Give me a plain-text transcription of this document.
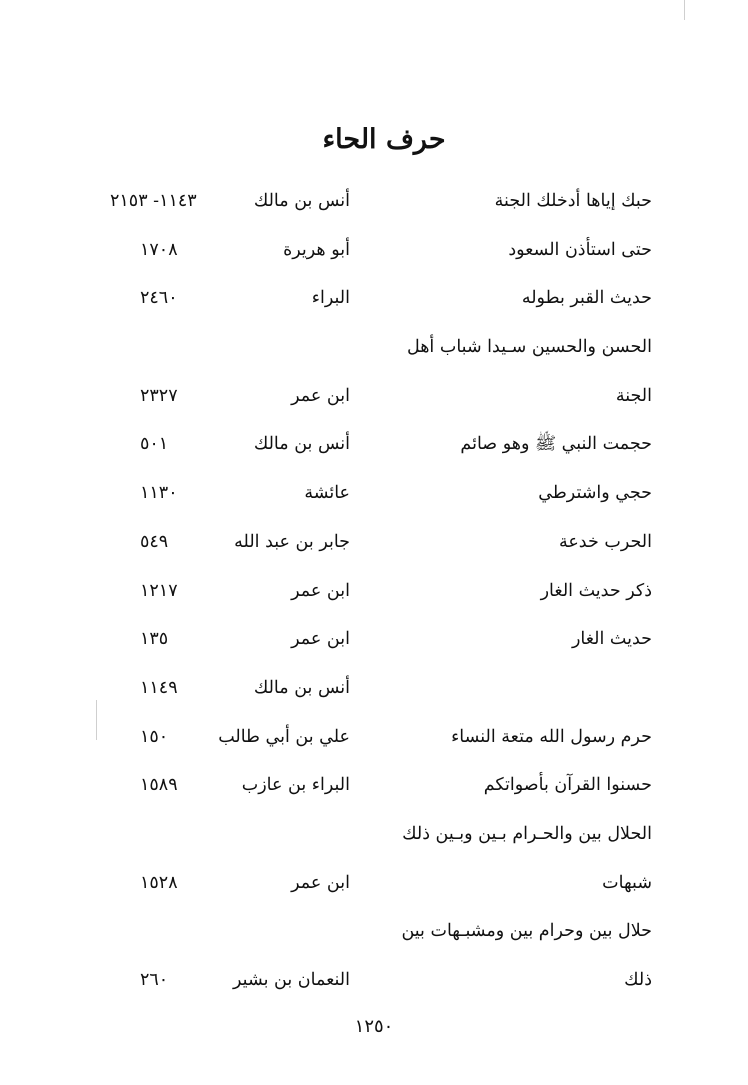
حرف الحاء
حبك إياها أدخلك الجنة
أنس بن مالك
١١٤٣- ٢١٥٣
حتى استأذن السعود
أبو هريرة
١٧٠٨
حديث القبر بطوله
البراء
٢٤٦٠
الحسن والحسين سـيدا شباب أهل
الجنة
ابن عمر
٢٣٢٧
حجمت النبي ﷺ وهو صائم
أنس بن مالك
٥٠١
حجي واشترطي
عائشة
١١٣٠
الحرب خدعة
جابر بن عبد الله
٥٤٩
ذكر حديث الغار
ابن عمر
١٢١٧
حديث الغار
ابن عمر
١٣٥
أنس بن مالك
١١٤٩
حرم رسول الله متعة النساء
علي بن أبي طالب
١٥٠
حسنوا القرآن بأصواتكم
البراء بن عازب
١٥٨٩
الحلال بين والحـرام بـين وبـين ذلك
شبهات
ابن عمر
١٥٢٨
حلال بين وحرام بين ومشبـهات بين
ذلك
النعمان بن بشير
٢٦٠
١٢٥٠
